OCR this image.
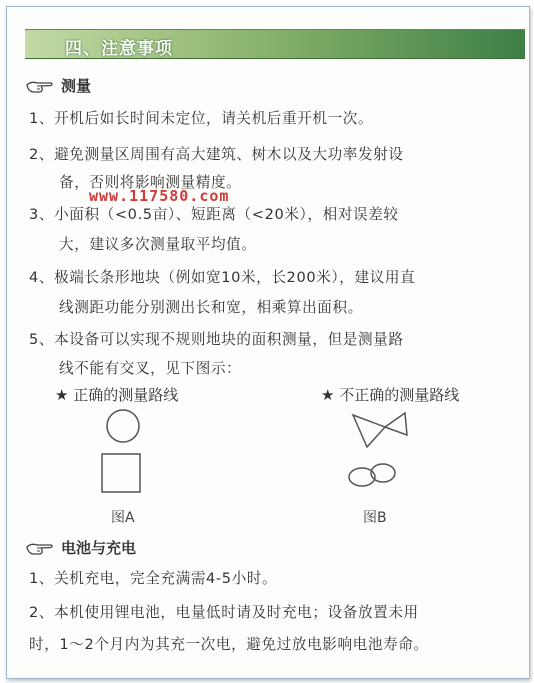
四、注意事项
测量
1、开机后如长时间未定位，请关机后重开机一次。
2、避免测量区周围有高大建筑、树木以及大功率发射设
备，否则将影响测量精度。
3、小面积（<0.5亩）、短距离（<20米），相对误差较
大，建议多次测量取平均值。
4、极端长条形地块（例如宽10米，长200米），建议用直
线测距功能分别测出长和宽，相乘算出面积。
5、本设备可以实现不规则地块的面积测量，但是测量路
线不能有交叉，见下图示：
www.117580.com
★ 正确的测量路线	★ 不正确的测量路线
图A	图B
电池与充电
1、关机充电，完全充满需4-5小时。
2、本机使用锂电池，电量低时请及时充电；设备放置未用
时，1～2个月内为其充一次电，避免过放电影响电池寿命。
